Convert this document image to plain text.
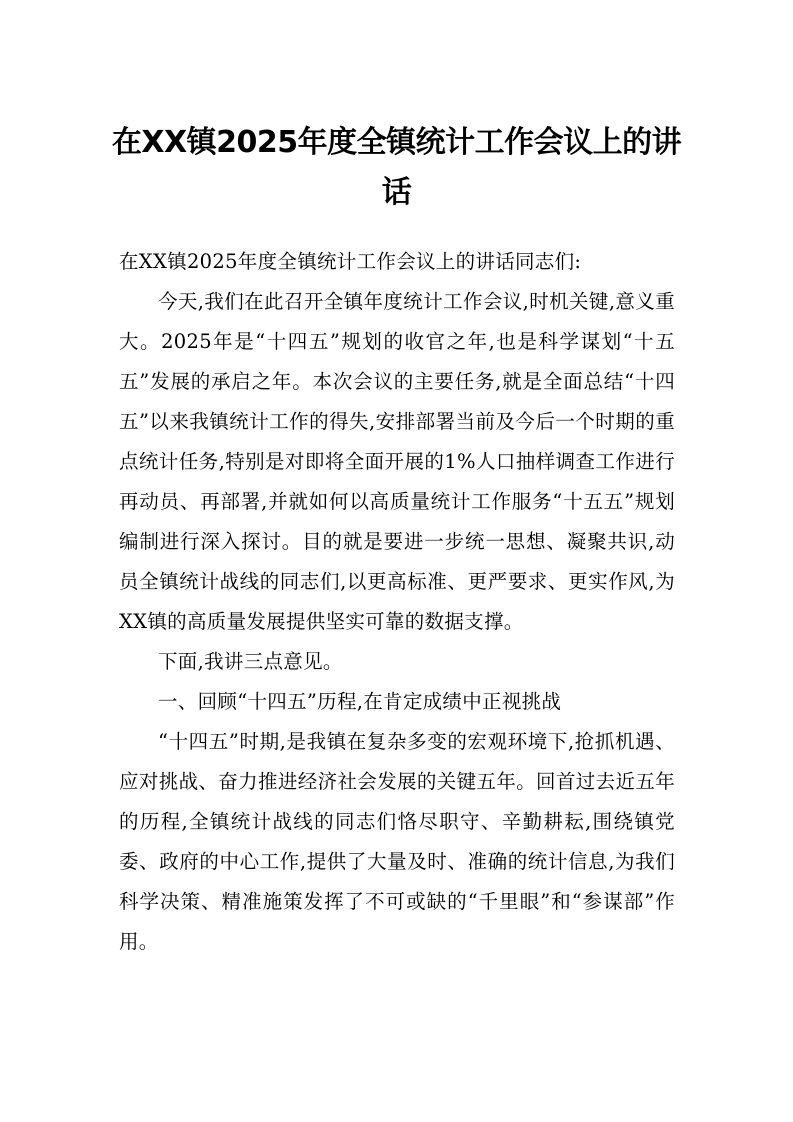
在XX镇2025年度全镇统计工作会议上的讲话

在XX镇2025年度全镇统计工作会议上的讲话同志们:

今天,我们在此召开全镇年度统计工作会议,时机关键,意义重大。2025年是“十四五”规划的收官之年,也是科学谋划“十五五”发展的承启之年。本次会议的主要任务,就是全面总结“十四五”以来我镇统计工作的得失,安排部署当前及今后一个时期的重点统计任务,特别是对即将全面开展的1%人口抽样调查工作进行再动员、再部署,并就如何以高质量统计工作服务“十五五”规划编制进行深入探讨。目的就是要进一步统一思想、凝聚共识,动员全镇统计战线的同志们,以更高标准、更严要求、更实作风,为XX镇的高质量发展提供坚实可靠的数据支撑。

下面,我讲三点意见。

一、回顾“十四五”历程,在肯定成绩中正视挑战

“十四五”时期,是我镇在复杂多变的宏观环境下,抢抓机遇、应对挑战、奋力推进经济社会发展的关键五年。回首过去近五年的历程,全镇统计战线的同志们恪尽职守、辛勤耕耘,围绕镇党委、政府的中心工作,提供了大量及时、准确的统计信息,为我们科学决策、精准施策发挥了不可或缺的“千里眼”和“参谋部”作用。
